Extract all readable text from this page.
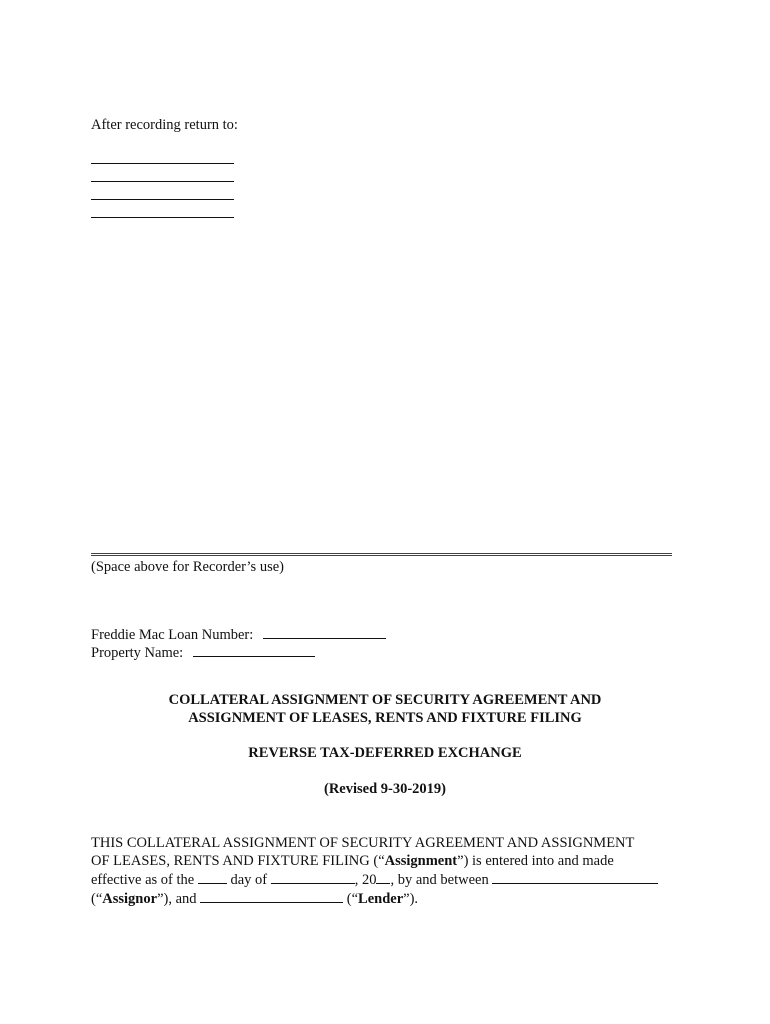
After recording return to:
(Space above for Recorder’s use)
Freddie Mac Loan Number:
Property Name:
COLLATERAL ASSIGNMENT OF SECURITY AGREEMENT AND
ASSIGNMENT OF LEASES, RENTS AND FIXTURE FILING
REVERSE TAX-DEFERRED EXCHANGE
(Revised 9-30-2019)

THIS COLLATERAL ASSIGNMENT OF SECURITY AGREEMENT AND ASSIGNMENT

OF LEASES, RENTS AND FIXTURE FILING (“Assignment”) is entered into and made

effective as of the	day of	, 20 , by and between

(“Assignor”), and	(“Lender”).
